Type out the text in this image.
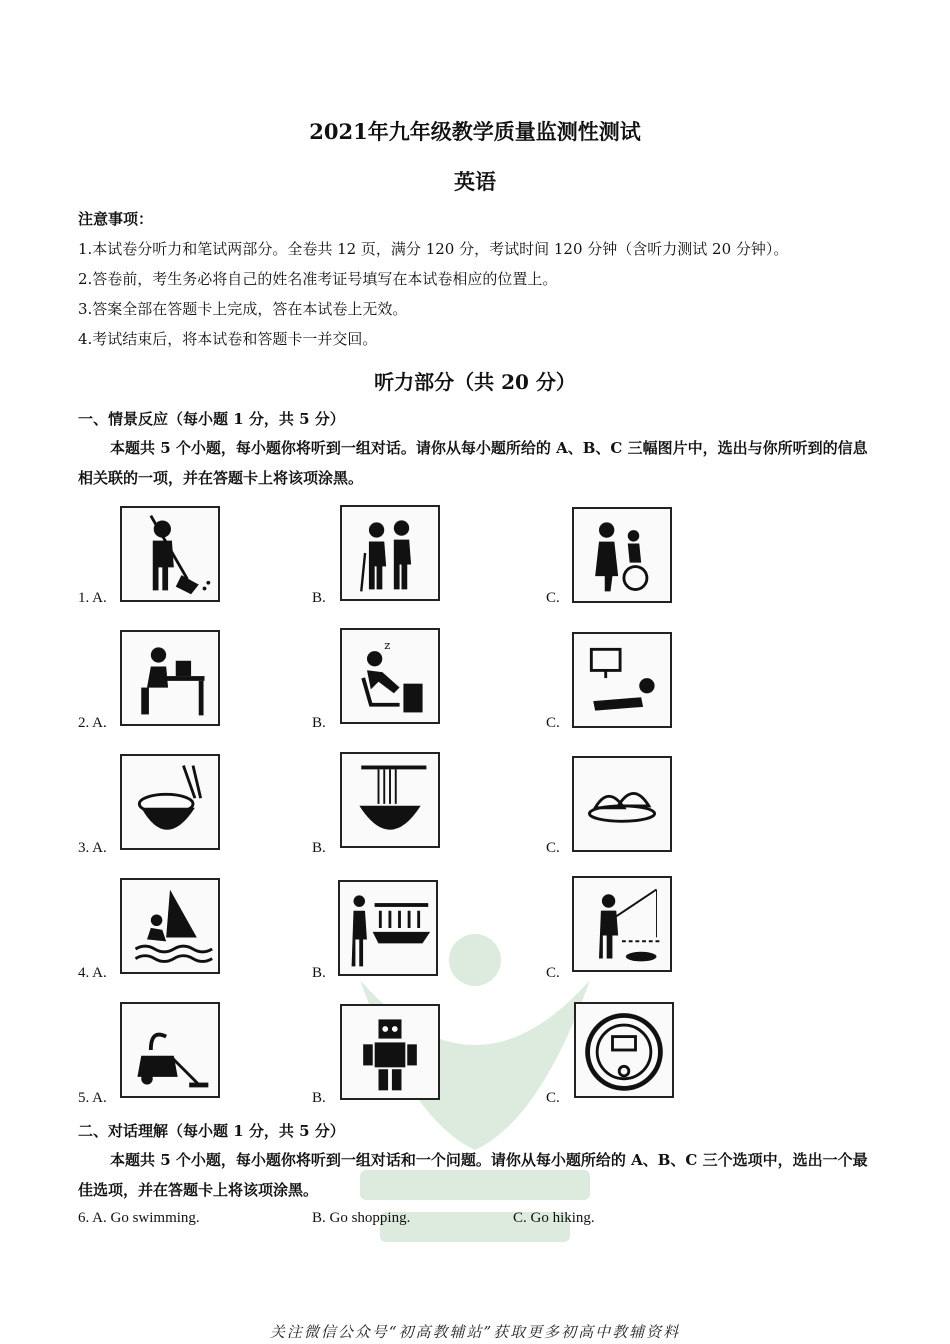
2021年九年级教学质量监测性测试
英语
注意事项：
1.本试卷分听力和笔试两部分。全卷共 12 页，满分 120 分，考试时间 120 分钟（含听力测试 20 分钟）。
2.答卷前，考生务必将自己的姓名准考证号填写在本试卷相应的位置上。
3.答案全部在答题卡上完成，答在本试卷上无效。
4.考试结束后，将本试卷和答题卡一并交回。
听力部分（共 20 分）
一、情景反应（每小题 1 分，共 5 分）
本题共 5 个小题，每小题你将听到一组对话。请你从每小题所给的 A、B、C 三幅图片中，选出与你所听到的信息相关联的一项，并在答题卡上将该项涂黑。
1. A.	B.	C.
2. A.	B.
z
C.
3. A.	B.	C.
4. A.	B.	C.
5. A.	B.	C.
二、对话理解（每小题 1 分，共 5 分）
本题共 5 个小题，每小题你将听到一组对话和一个问题。请你从每小题所给的 A、B、C 三个选项中，选出一个最佳选项，并在答题卡上将该项涂黑。
6. A. Go swimming.	B. Go shopping.	C. Go hiking.
关注微信公众号“初高教辅站”获取更多初高中教辅资料
